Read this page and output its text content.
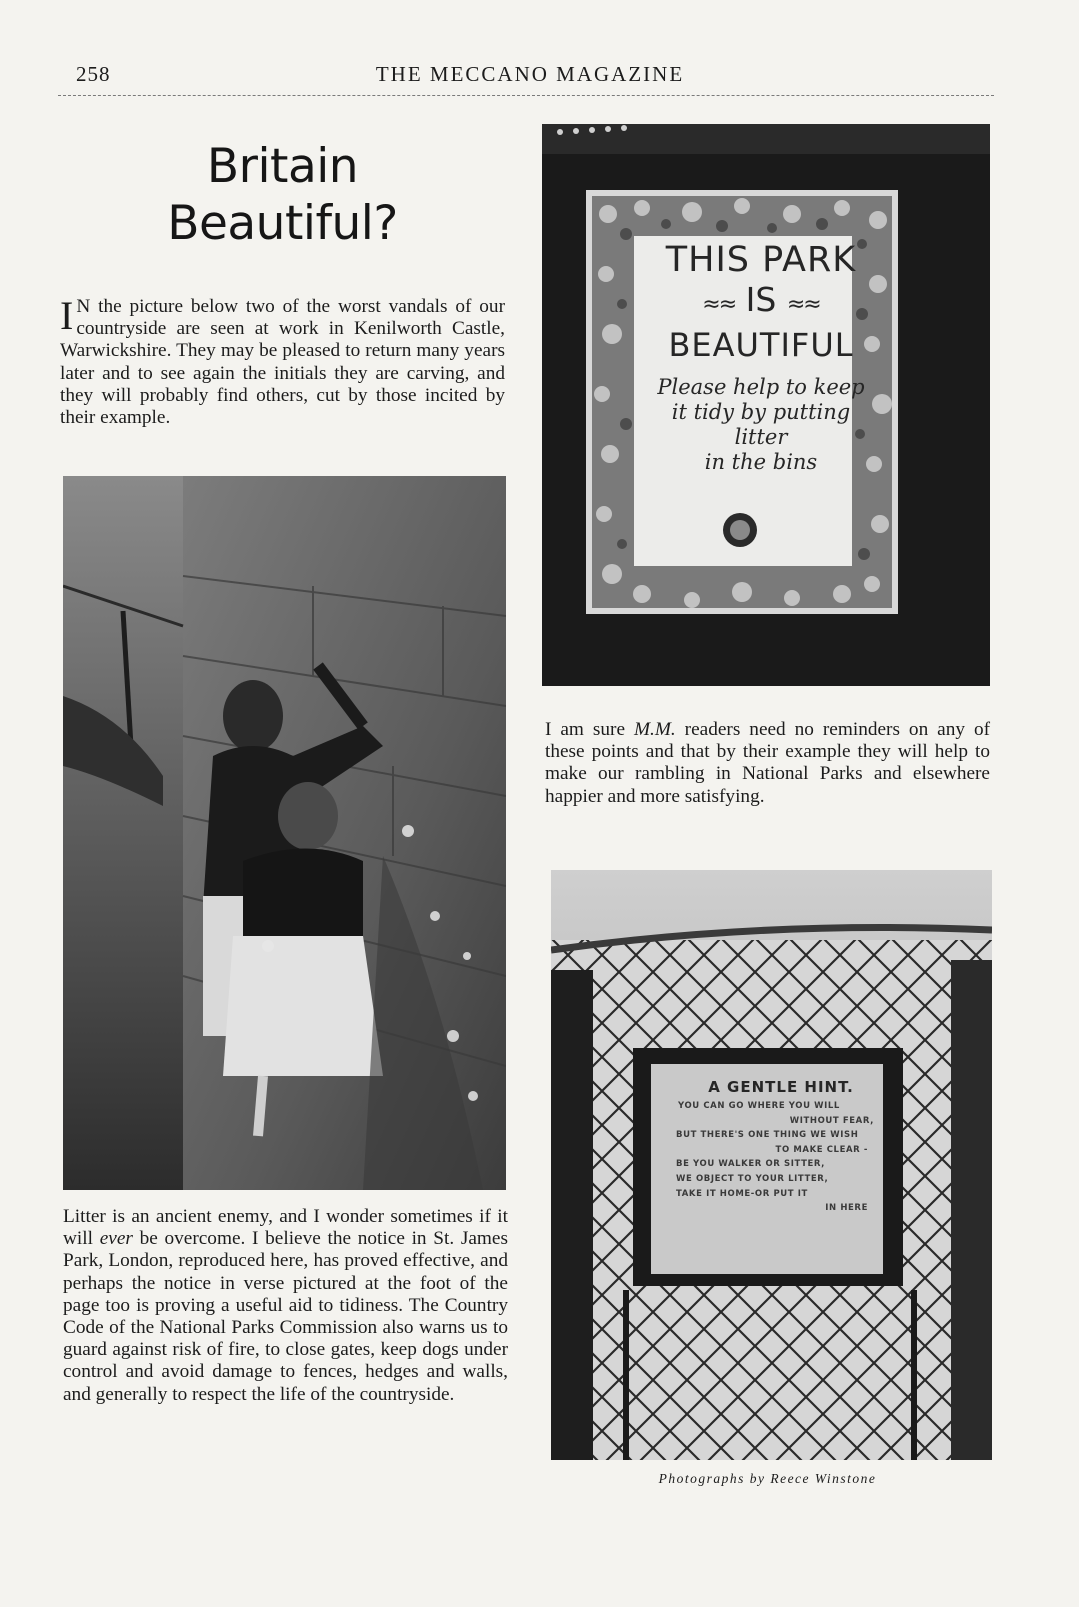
258	THE MECCANO MAGAZINE
Britain
Beautiful?
I N the picture below two of the worst vandals of our countryside are seen at work in Kenilworth Castle, Warwickshire. They may be pleased to return many years later and to see again the initials they are carving, and they will probably find others, cut by those incited by their example.
Litter is an ancient enemy, and I wonder sometimes if it will ever be overcome. I believe the notice in St. James Park, London, reproduced here, has proved effective, and perhaps the notice in verse pictured at the foot of the page too is proving a useful aid to tidiness. The Country Code of the National Parks Commission also warns us to guard against risk of fire, to close gates, keep dogs under control and avoid damage to fences, hedges and walls, and generally to respect the life of the countryside.
THIS PARK
≈≈ IS ≈≈
BEAUTIFUL
Please help to keep
it tidy by putting litter
in the bins
I am sure M.M. readers need no reminders on any of these points and that by their example they will help to make our rambling in National Parks and elsewhere happier and more satisfying.
A GENTLE HINT.
YOU CAN GO WHERE YOU WILL
WITHOUT FEAR,
BUT THERE'S ONE THING WE WISH
TO MAKE CLEAR -
BE YOU WALKER OR SITTER,
WE OBJECT TO YOUR LITTER,
TAKE IT HOME-OR PUT IT
IN HERE
Photographs by Reece Winstone
